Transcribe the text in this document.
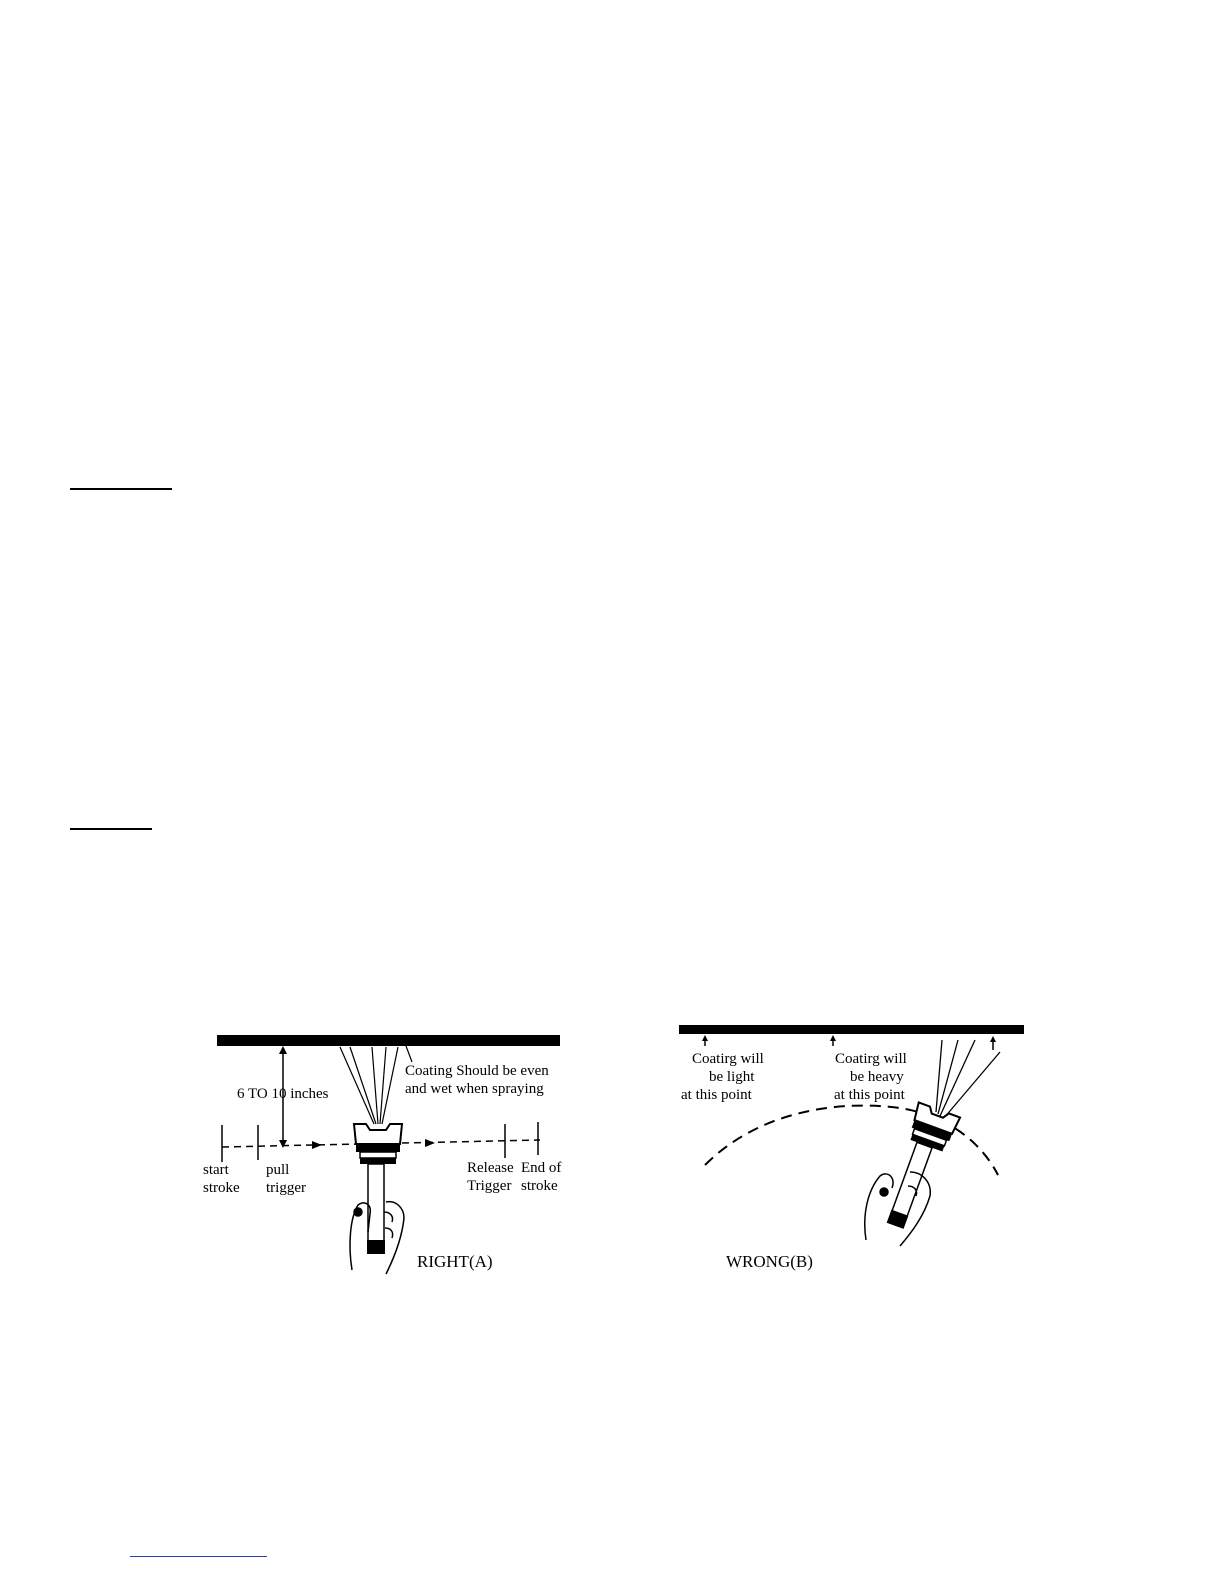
6 TO 10 inches
Coating Should be even
and wet when spraying
start
stroke
pull
trigger
Release
Trigger
End of
stroke
RIGHT(A)
Coatirg will
be light
at this point
Coatirg will
be heavy
at this point
WRONG(B)
